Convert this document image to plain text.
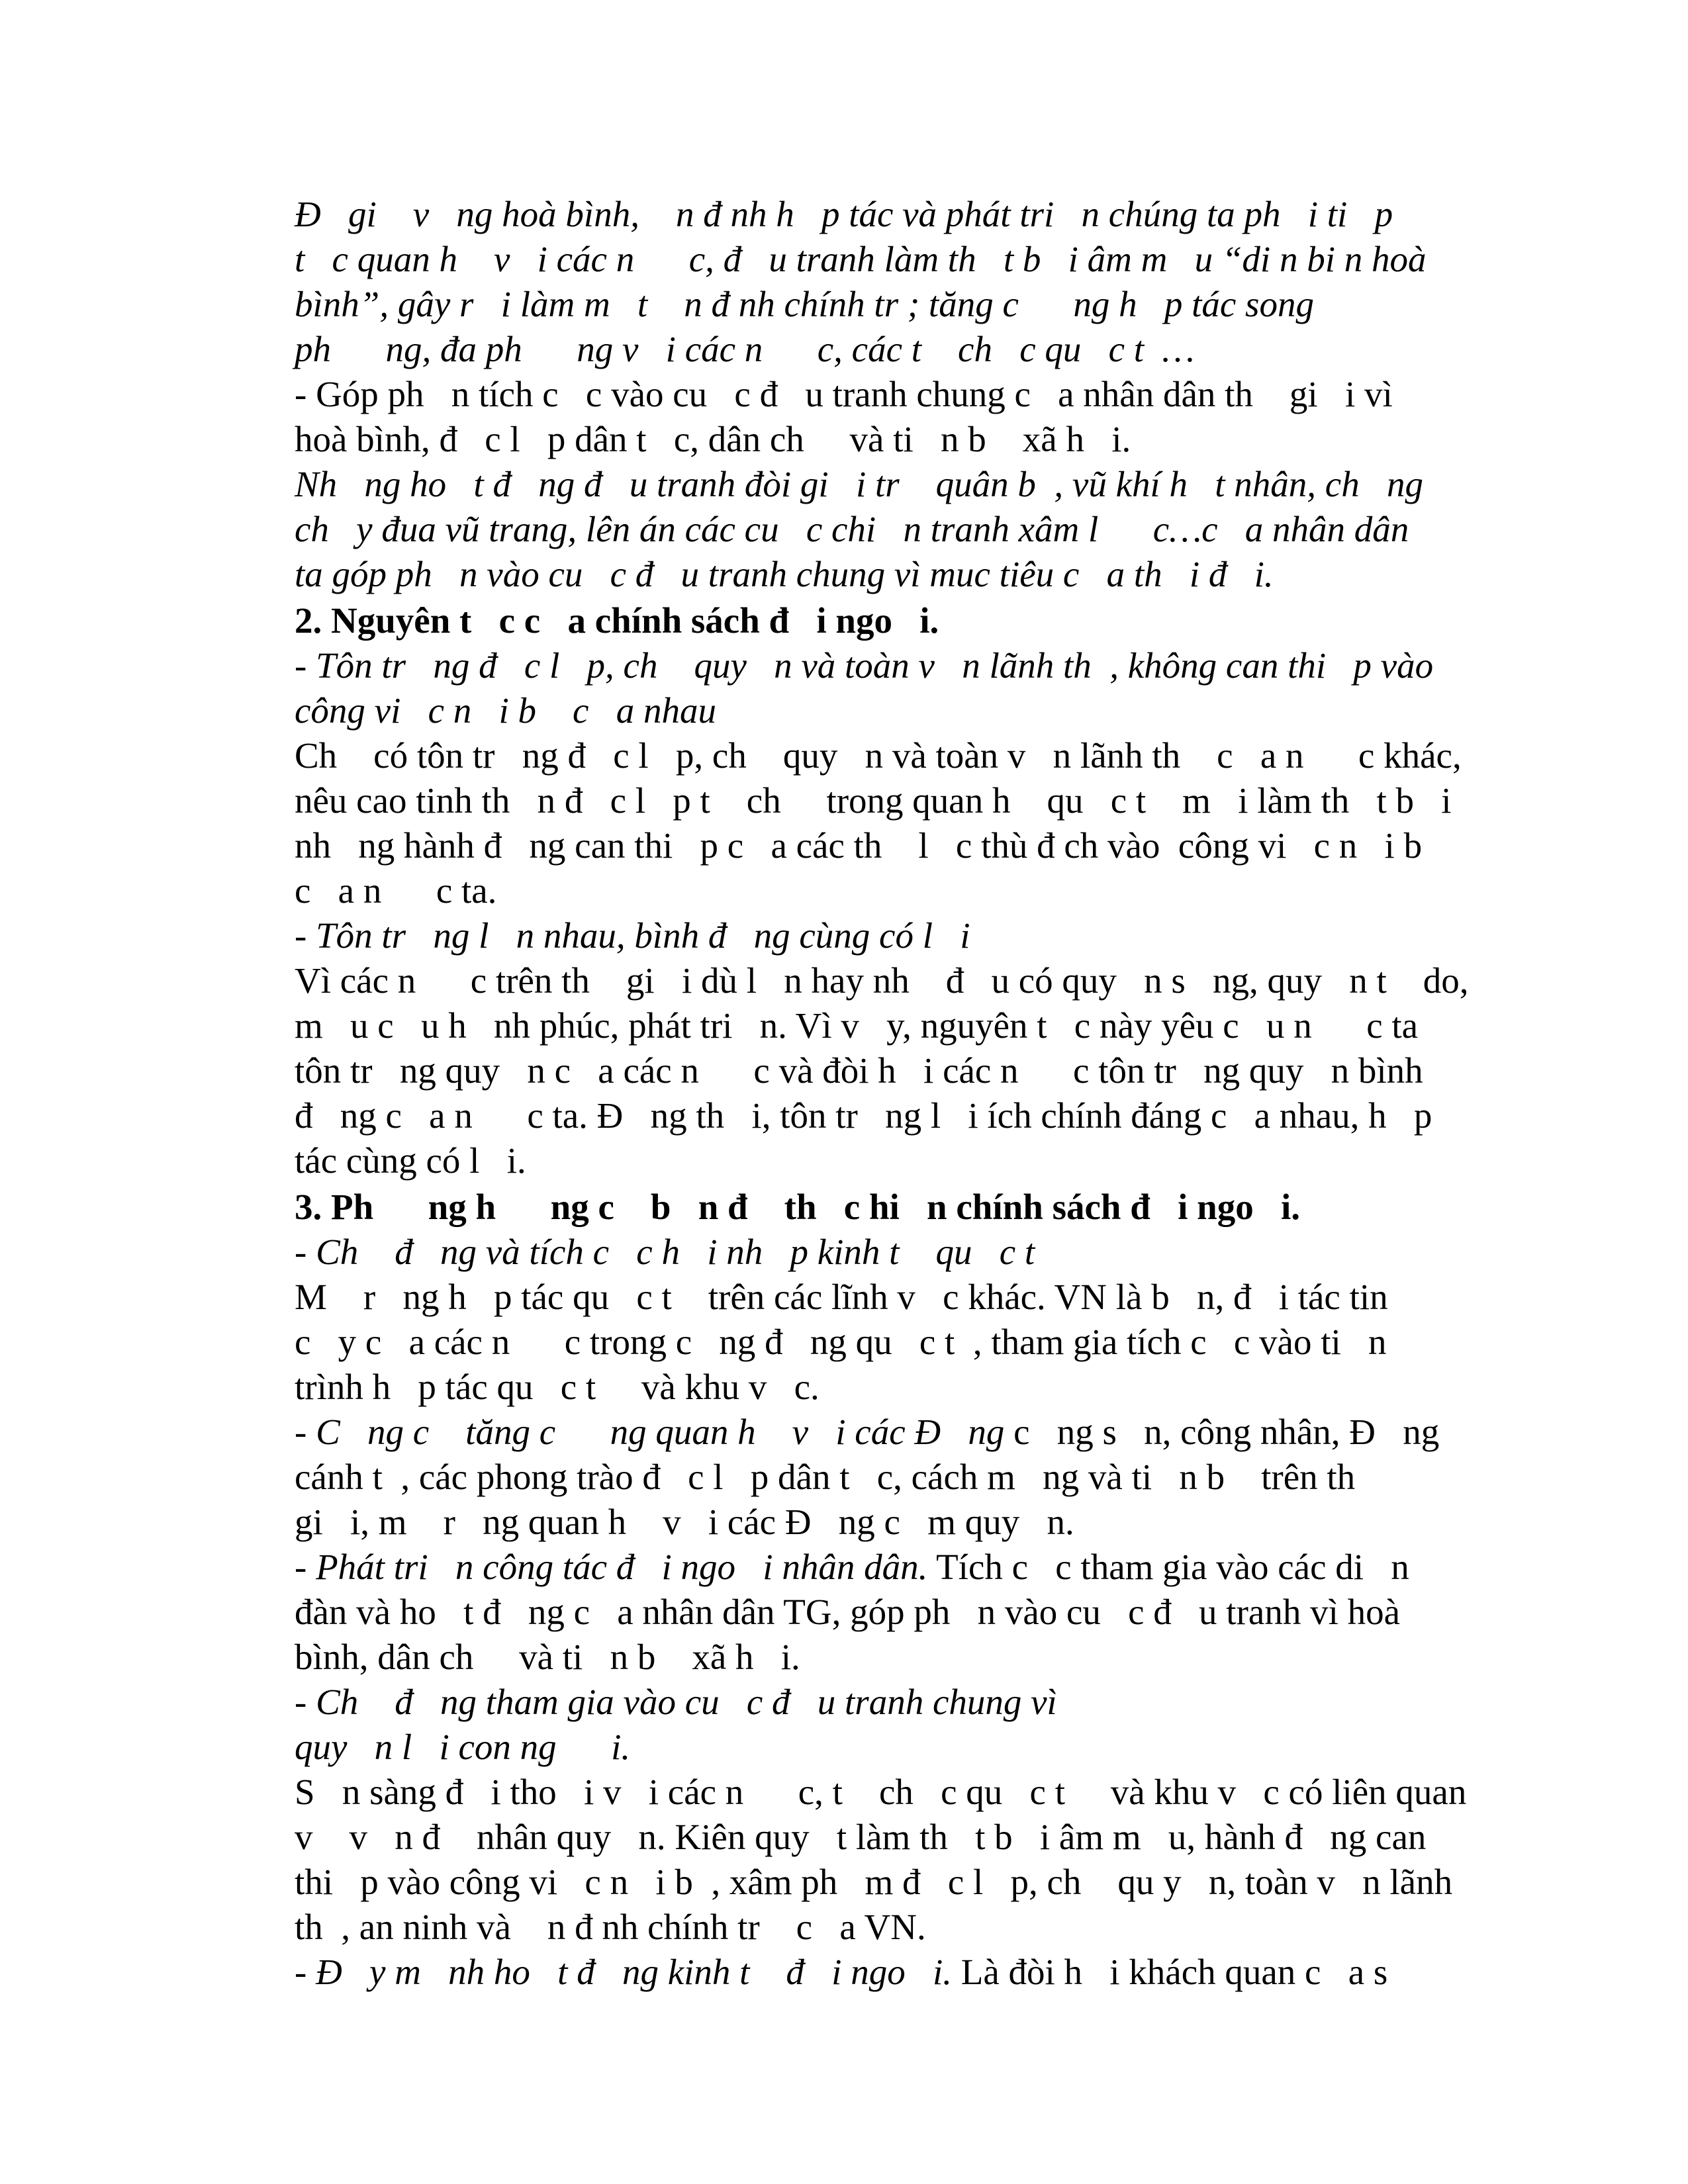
Đ   gi    v   ng hoà bình,    n đ nh h   p tác và phát tri   n chúng ta ph   i ti   p
t   c quan h    v   i các n      c, đ   u tranh làm th   t b   i âm m   u “di n bi n hoà
bình”, gây r   i làm m   t    n đ nh chính tr ; tăng c      ng h   p tác song
ph      ng, đa ph      ng v   i các n      c, các t    ch   c qu   c t  …
- Góp ph   n tích c   c vào cu   c đ   u tranh chung c   a nhân dân th    gi   i vì
hoà bình, đ   c l   p dân t   c, dân ch     và ti   n b    xã h   i.
Nh   ng ho   t đ   ng đ   u tranh đòi gi   i tr    quân b  , vũ khí h   t nhân, ch   ng
ch   y đua vũ trang, lên án các cu   c chi   n tranh xâm l      c…c   a nhân dân
ta góp ph   n vào cu   c đ   u tranh chung vì muc tiêu c   a th   i đ   i.
2. Nguyên t   c c   a chính sách đ   i ngo   i.
- Tôn tr   ng đ   c l   p, ch    quy   n và toàn v   n lãnh th  , không can thi   p vào
công vi   c n   i b    c   a nhau
Ch    có tôn tr   ng đ   c l   p, ch    quy   n và toàn v   n lãnh th    c   a n      c khác,
nêu cao tinh th   n đ   c l   p t    ch     trong quan h    qu   c t    m   i làm th   t b   i
nh   ng hành đ   ng can thi   p c   a các th    l   c thù đ ch vào  công vi   c n   i b
c   a n      c ta.
- Tôn tr   ng l   n nhau, bình đ   ng cùng có l   i
Vì các n      c trên th    gi   i dù l   n hay nh    đ   u có quy   n s   ng, quy   n t    do,
m   u c   u h   nh phúc, phát tri   n. Vì v   y, nguyên t   c này yêu c   u n      c ta
tôn tr   ng quy   n c   a các n      c và đòi h   i các n      c tôn tr   ng quy   n bình
đ   ng c   a n      c ta. Đ   ng th   i, tôn tr   ng l   i ích chính đáng c   a nhau, h   p
tác cùng có l   i.
3. Ph      ng h      ng c    b   n đ    th   c hi   n chính sách đ   i ngo   i.
- Ch    đ   ng và tích c   c h   i nh   p kinh t    qu   c t
M    r   ng h   p tác qu   c t    trên các lĩnh v   c khác. VN là b   n, đ   i tác tin
c   y c   a các n      c trong c   ng đ   ng qu   c t  , tham gia tích c   c vào ti   n
trình h   p tác qu   c t     và khu v   c.
- C   ng c    tăng c      ng quan h    v   i các Đ   ng c   ng s   n, công nhân, Đ   ng
cánh t  , các phong trào đ   c l   p dân t   c, cách m   ng và ti   n b    trên th
gi   i, m    r   ng quan h    v   i các Đ   ng c   m quy   n.
- Phát tri   n công tác đ   i ngo   i nhân dân. Tích c   c tham gia vào các di   n
đàn và ho   t đ   ng c   a nhân dân TG, góp ph   n vào cu   c đ   u tranh vì hoà
bình, dân ch     và ti   n b    xã h   i.
- Ch    đ   ng tham gia vào cu   c đ   u tranh chung vì
quy   n l   i con ng      i.
S   n sàng đ   i tho   i v   i các n      c, t    ch   c qu   c t     và khu v   c có liên quan
v    v   n đ    nhân quy   n. Kiên quy   t làm th   t b   i âm m   u, hành đ   ng can
thi   p vào công vi   c n   i b  , xâm ph   m đ   c l   p, ch    qu y   n, toàn v   n lãnh
th  , an ninh và    n đ nh chính tr    c   a VN.
- Đ   y m   nh ho   t đ   ng kinh t    đ   i ngo   i. Là đòi h   i khách quan c   a s
